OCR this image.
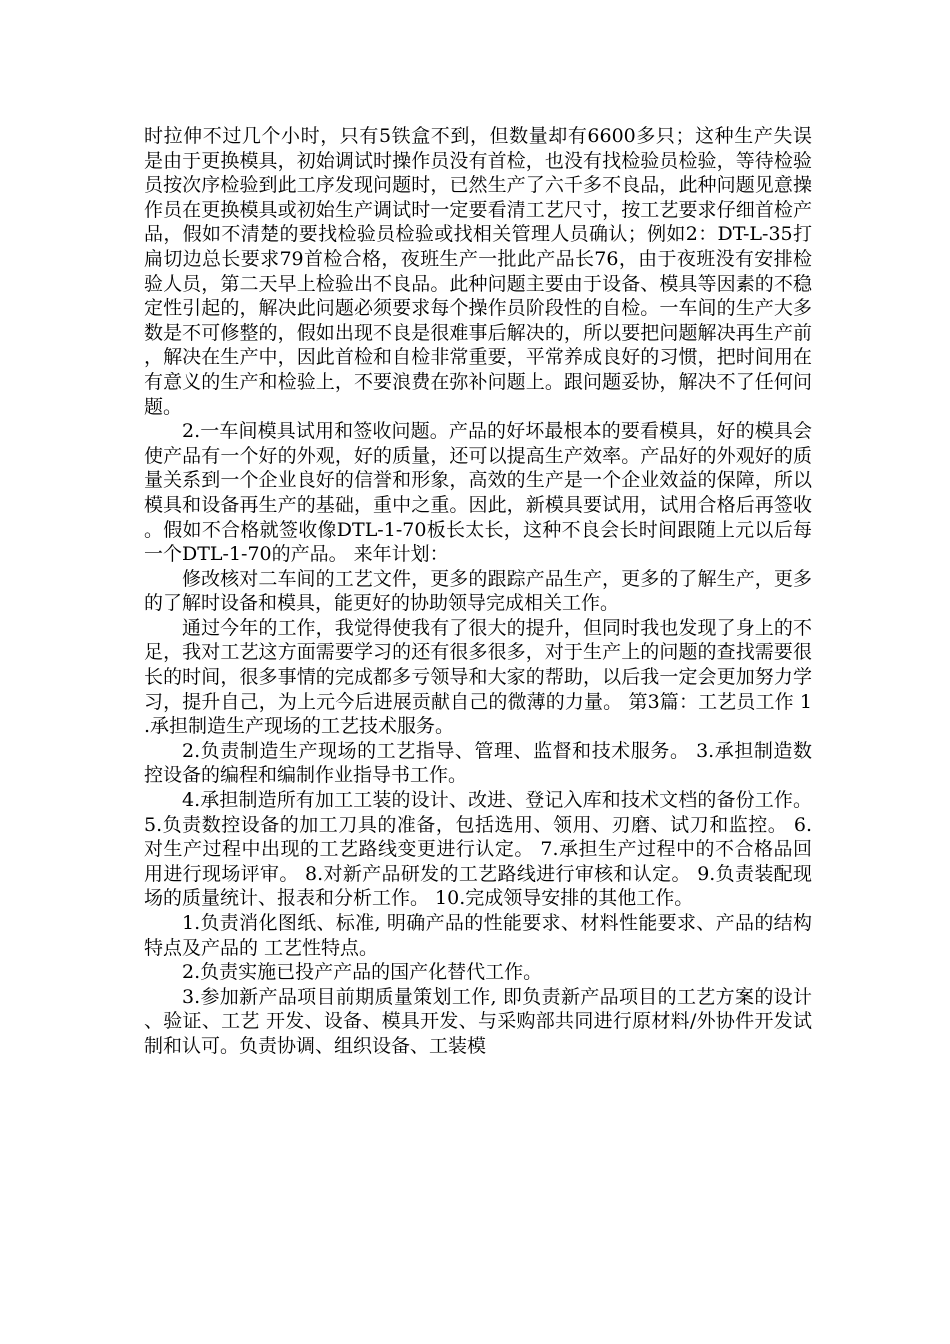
时拉伸不过几个小时，只有5铁盒不到，但数量却有6600多只；这种生产失误是由于更换模具，初始调试时操作员没有首检，也没有找检验员检验，等待检验员按次序检验到此工序发现问题时，已然生产了六千多不良品，此种问题见意操作员在更换模具或初始生产调试时一定要看清工艺尺寸，按工艺要求仔细首检产品，假如不清楚的要找检验员检验或找相关管理人员确认；例如2：DT-L-35打扁切边总长要求79首检合格，夜班生产一批此产品长76，由于夜班没有安排检验人员，第二天早上检验出不良品。此种问题主要由于设备、模具等因素的不稳定性引起的，解决此问题必须要求每个操作员阶段性的自检。一车间的生产大多数是不可修整的，假如出现不良是很难事后解决的，所以要把问题解决再生产前，解决在生产中，因此首检和自检非常重要，平常养成良好的习惯，把时间用在有意义的生产和检验上，不要浪费在弥补问题上。跟问题妥协，解决不了任何问题。

2.一车间模具试用和签收问题。产品的好坏最根本的要看模具，好的模具会使产品有一个好的外观，好的质量，还可以提高生产效率。产品好的外观好的质量关系到一个企业良好的信誉和形象，高效的生产是一个企业效益的保障，所以模具和设备再生产的基础，重中之重。因此，新模具要试用，试用合格后再签收。假如不合格就签收像DTL-1-70板长太长，这种不良会长时间跟随上元以后每一个DTL-1-70的产品。 来年计划：

修改核对二车间的工艺文件，更多的跟踪产品生产，更多的了解生产，更多的了解时设备和模具，能更好的协助领导完成相关工作。

通过今年的工作，我觉得使我有了很大的提升，但同时我也发现了身上的不足，我对工艺这方面需要学习的还有很多很多，对于生产上的问题的查找需要很长的时间，很多事情的完成都多亏领导和大家的帮助，以后我一定会更加努力学习，提升自己，为上元今后进展贡献自己的微薄的力量。 第3篇：工艺员工作 1.承担制造生产现场的工艺技术服务。

2.负责制造生产现场的工艺指导、管理、监督和技术服务。 3.承担制造数控设备的编程和编制作业指导书工作。

4.承担制造所有加工工装的设计、改进、登记入库和技术文档的备份工作。 5.负责数控设备的加工刀具的准备，包括选用、领用、刃磨、试刀和监控。 6.对生产过程中出现的工艺路线变更进行认定。 7.承担生产过程中的不合格品回用进行现场评审。 8.对新产品研发的工艺路线进行审核和认定。 9.负责装配现场的质量统计、报表和分析工作。 10.完成领导安排的其他工作。

1.负责消化图纸、标准, 明确产品的性能要求、材料性能要求、产品的结构特点及产品的 工艺性特点。

2.负责实施已投产产品的国产化替代工作。

3.参加新产品项目前期质量策划工作, 即负责新产品项目的工艺方案的设计、验证、工艺 开发、设备、模具开发、与采购部共同进行原材料/外协件开发试制和认可。负责协调、组织设备、工装模
